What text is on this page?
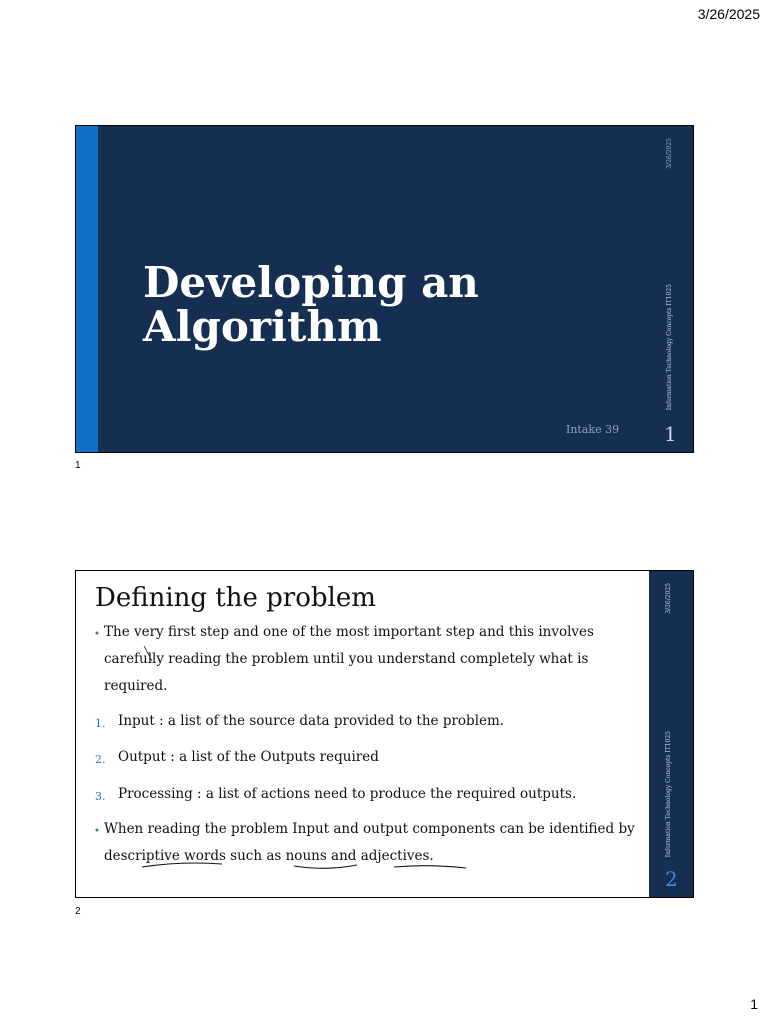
3/26/2025
Developing an Algorithm
Intake 39 1
3/26/2025
Information Technology Concepts IT1025
1
3/26/2025
Information Technology Concepts IT1025
2
Defining the problem
• The very first step and one of the most important step and this involves carefully reading the problem until you understand completely what is required.
1. Input : a list of the source data provided to the problem.
2. Output : a list of the Outputs required
3. Processing : a list of actions need to produce the required outputs.
• When reading the problem Input and output components can be identified by descriptive words such as nouns and adjectives.
2
1
